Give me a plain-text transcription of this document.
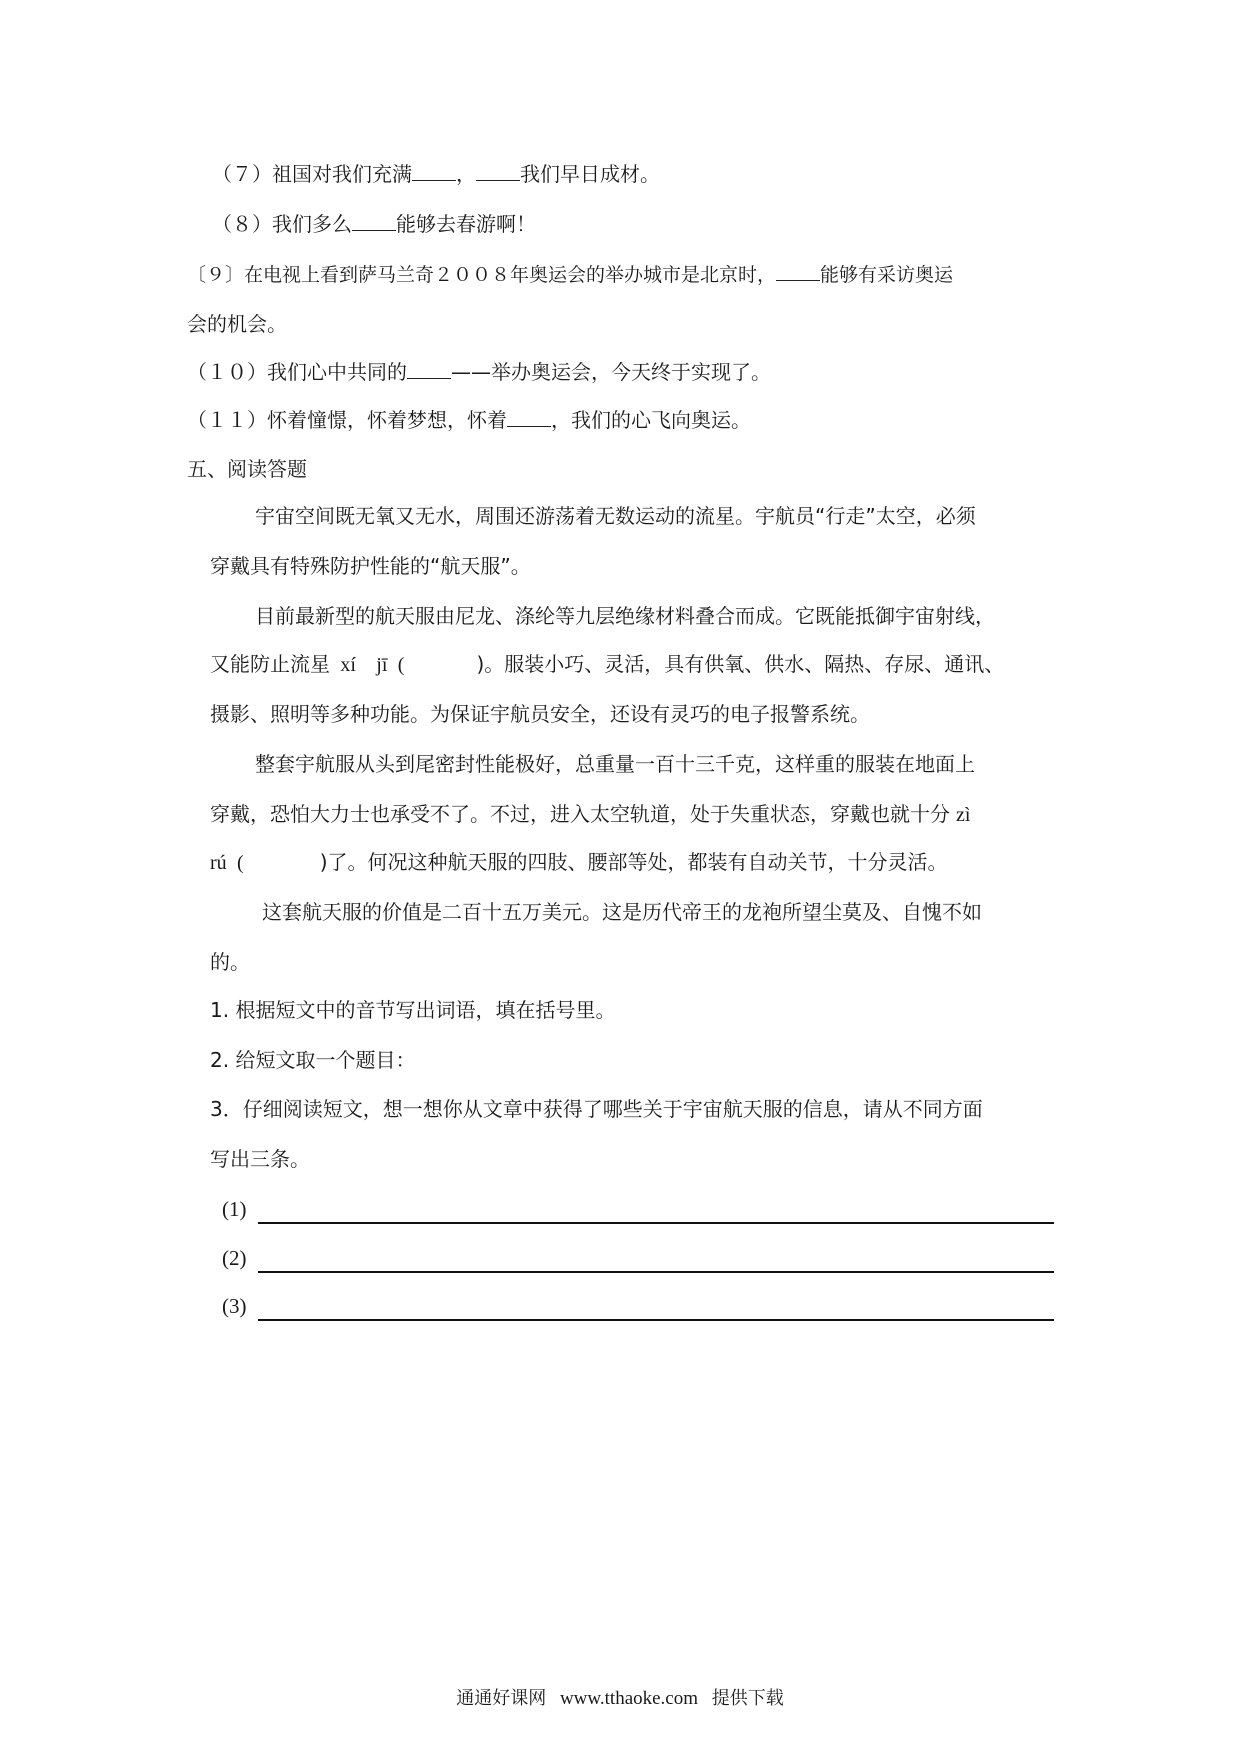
（７）祖国对我们充满 ， 我们早日成材。
（８）我们多么 能够去春游啊！
〔９〕在电视上看到萨马兰奇２００８年奥运会的举办城市是北京时， 能够有采访奥运
会的机会。
（１０）我们心中共同的 ——举办奥运会，今天终于实现了。
（１１）怀着憧憬，怀着梦想，怀着 ，我们的心飞向奥运。
五、阅读答题
宇宙空间既无氧又无水，周围还游荡着无数运动的流星。宇航员“行走”太空，必须
穿戴具有特殊防护性能的“航天服”。
目前最新型的航天服由尼龙、涤纶等九层绝缘材料叠合而成。它既能抵御宇宙射线，
又能防止流星 xí jī (	)。服装小巧、灵活，具有供氧、供水、隔热、存尿、通讯、
摄影、照明等多种功能。为保证宇航员安全，还设有灵巧的电子报警系统。
整套宇航服从头到尾密封性能极好，总重量一百十三千克，这样重的服装在地面上
穿戴，恐怕大力士也承受不了。不过，进入太空轨道，处于失重状态，穿戴也就十分 zì
rú (	)了。何况这种航天服的四肢、腰部等处，都装有自动关节，十分灵活。
这套航天服的价值是二百十五万美元。这是历代帝王的龙袍所望尘莫及、自愧不如
的。
1. 根据短文中的音节写出词语，填在括号里。
2. 给短文取一个题目：
3．仔细阅读短文，想一想你从文章中获得了哪些关于宇宙航天服的信息，请从不同方面
写出三条。
(1)
(2)
(3)
通通好课网 www.tthaoke.com 提供下载
